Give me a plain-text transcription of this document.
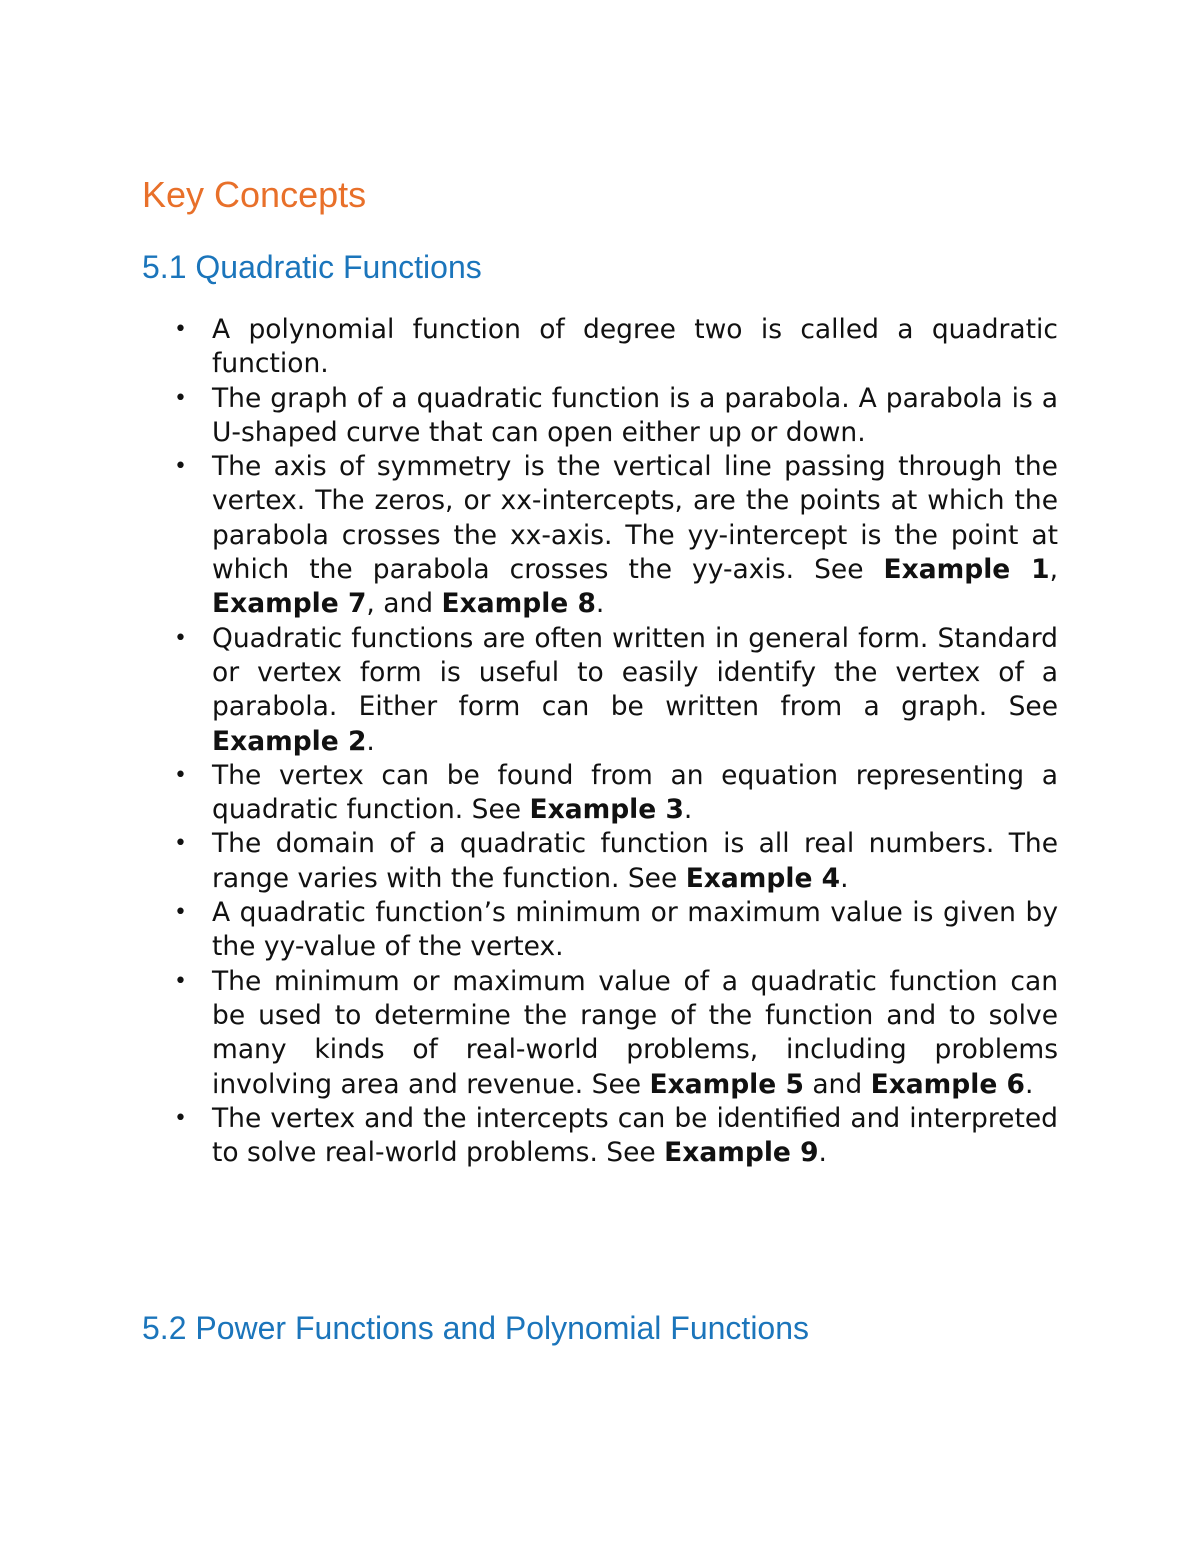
Key Concepts
5.1 Quadratic Functions
• A polynomial function of degree two is called a quadratic function.
• The graph of a quadratic function is a parabola. A parabola is a U-shaped curve that can open either up or down.
• The axis of symmetry is the vertical line passing through the vertex. The zeros, or xx-intercepts, are the points at which the parabola crosses the xx-axis. The yy-intercept is the point at which the parabola crosses the yy-axis. See Example 1, Example 7, and Example 8.
• Quadratic functions are often written in general form. Standard or vertex form is useful to easily identify the vertex of a parabola. Either form can be written from a graph. See Example 2.
• The vertex can be found from an equation representing a quadratic function. See Example 3.
• The domain of a quadratic function is all real numbers. The range varies with the function. See Example 4.
• A quadratic function’s minimum or maximum value is given by the yy-value of the vertex.
• The minimum or maximum value of a quadratic function can be used to determine the range of the function and to solve many kinds of real-world problems, including problems involving area and revenue. See Example 5 and Example 6.
• The vertex and the intercepts can be identified and interpreted to solve real-world problems. See Example 9.
5.2 Power Functions and Polynomial Functions
